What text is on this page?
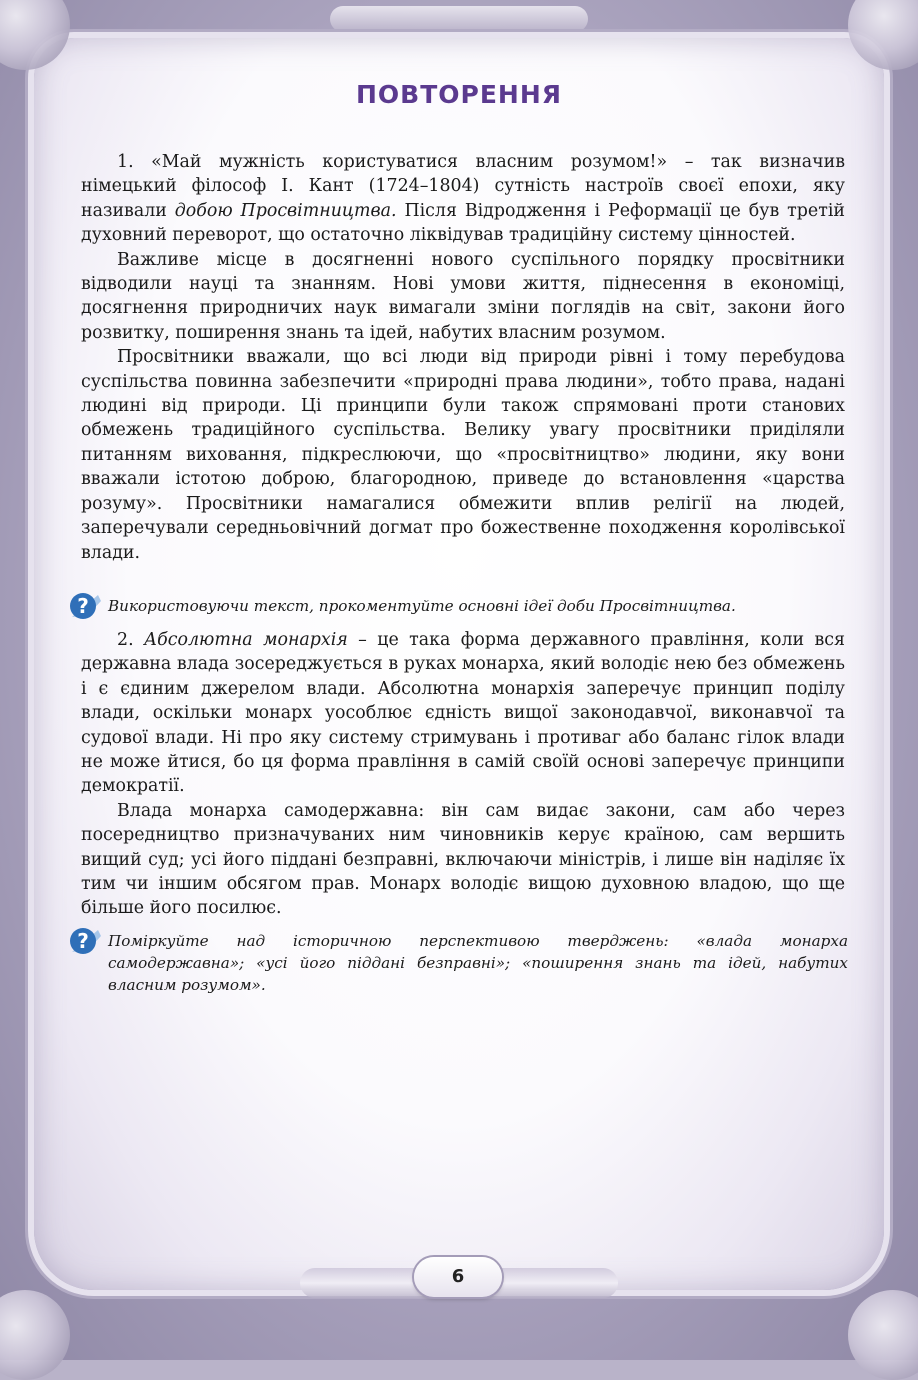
ПОВТОРЕННЯ

1. «Май мужність користуватися власним розумом!» – так визначив німецький філософ І. Кант (1724–1804) сутність настроїв своєї епохи, яку називали добою Просвітництва. Після Відродження і Реформації це був третій духовний переворот, що остаточно ліквідував традиційну систему цінностей.

Важливе місце в досягненні нового суспільного порядку просвітники відводили науці та знанням. Нові умови життя, піднесення в економіці, досягнення природничих наук вимагали зміни поглядів на світ, закони його розвитку, поширення знань та ідей, набутих власним розумом.

Просвітники вважали, що всі люди від природи рівні і тому перебудова суспільства повинна забезпечити «природні права людини», тобто права, надані людині від природи. Ці принципи були також спрямовані проти станових обмежень традиційного суспільства. Велику увагу просвітники приділяли питанням виховання, підкреслюючи, що «просвітництво» людини, яку вони вважали істотою доброю, благородною, приведе до встановлення «царства розуму». Просвітники намагалися обмежити вплив релігії на людей, заперечували середньовічний догмат про божественне походження королівської влади.

? Використовуючи текст, прокоментуйте основні ідеї доби Просвітництва.

2. Абсолютна монархія – це така форма державного правління, коли вся державна влада зосереджується в руках монарха, який володіє нею без обмежень і є єдиним джерелом влади. Абсолютна монархія заперечує принцип поділу влади, оскільки монарх уособлює єдність вищої законодавчої, виконавчої та судової влади. Ні про яку систему стримувань і противаг або баланс гілок влади не може йтися, бо ця форма правління в самій своїй основі заперечує принципи демократії.

Влада монарха самодержавна: він сам видає закони, сам або через посередництво призначуваних ним чиновників керує країною, сам вершить вищий суд; усі його піддані безправні, включаючи міністрів, і лише він наділяє їх тим чи іншим обсягом прав. Монарх володіє вищою духовною владою, що ще більше його посилює.

? Поміркуйте над історичною перспективою тверджень: «влада монарха самодержавна»; «усі його піддані безправні»; «поширення знань та ідей, набутих власним розумом».
6
